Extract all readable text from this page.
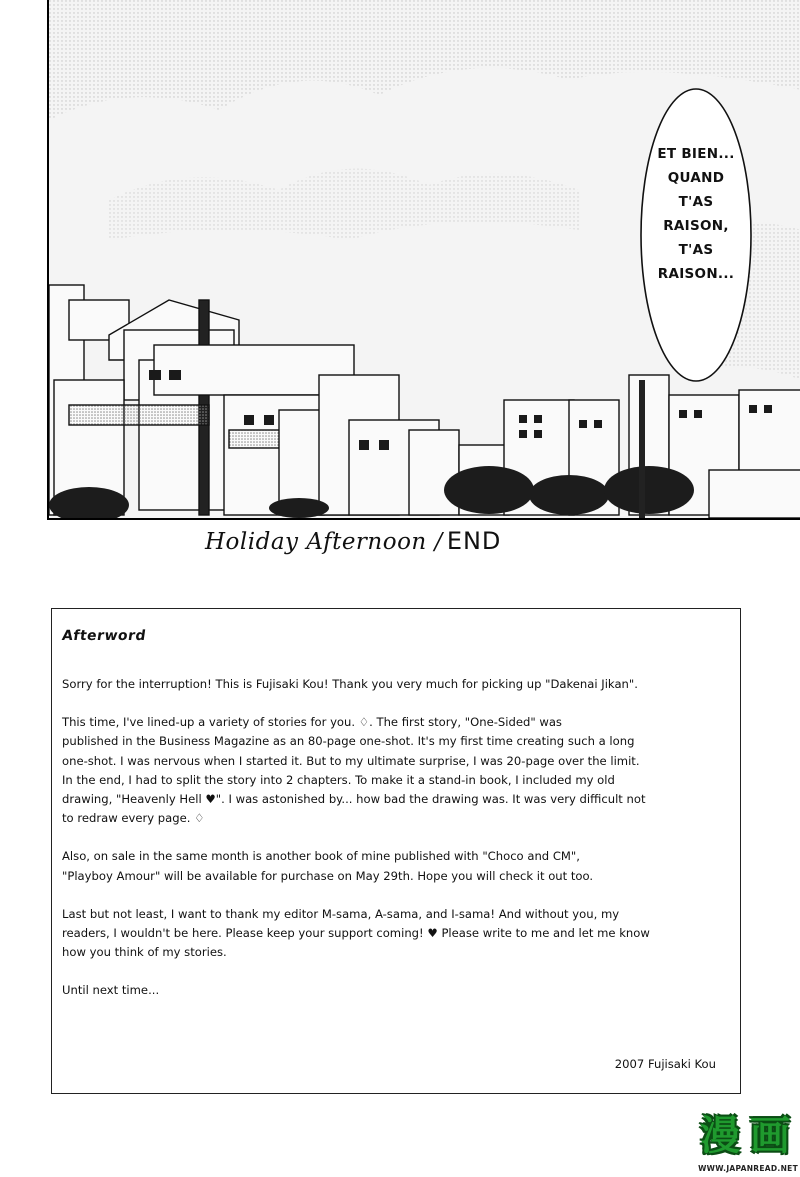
ET BIEN...
QUAND
T'AS
RAISON,
T'AS
RAISON...
Holiday Afternoon / END
Afterword

Sorry for the interruption! This is Fujisaki Kou! Thank you very much for picking up "Dakenai Jikan".

This time, I've lined-up a variety of stories for you. ♢. The first story, "One-Sided" was
published in the Business Magazine as an 80-page one-shot. It's my first time creating such a long
one-shot. I was nervous when I started it. But to my ultimate surprise, I was 20-page over the limit.
In the end, I had to split the story into 2 chapters. To make it a stand-in book, I included my old
drawing, "Heavenly Hell ♥". I was astonished by... how bad the drawing was. It was very difficult not
to redraw every page. ♢

Also, on sale in the same month is another book of mine published with "Choco and CM",
"Playboy Amour" will be available for purchase on May 29th. Hope you will check it out too.

Last but not least, I want to thank my editor M-sama, A-sama, and I-sama! And without you, my
readers, I wouldn't be here. Please keep your support coming! ♥ Please write to me and let me know
how you think of my stories.

Until next time...

2007 Fujisaki Kou
漫 画
WWW.JAPANREAD.NET
